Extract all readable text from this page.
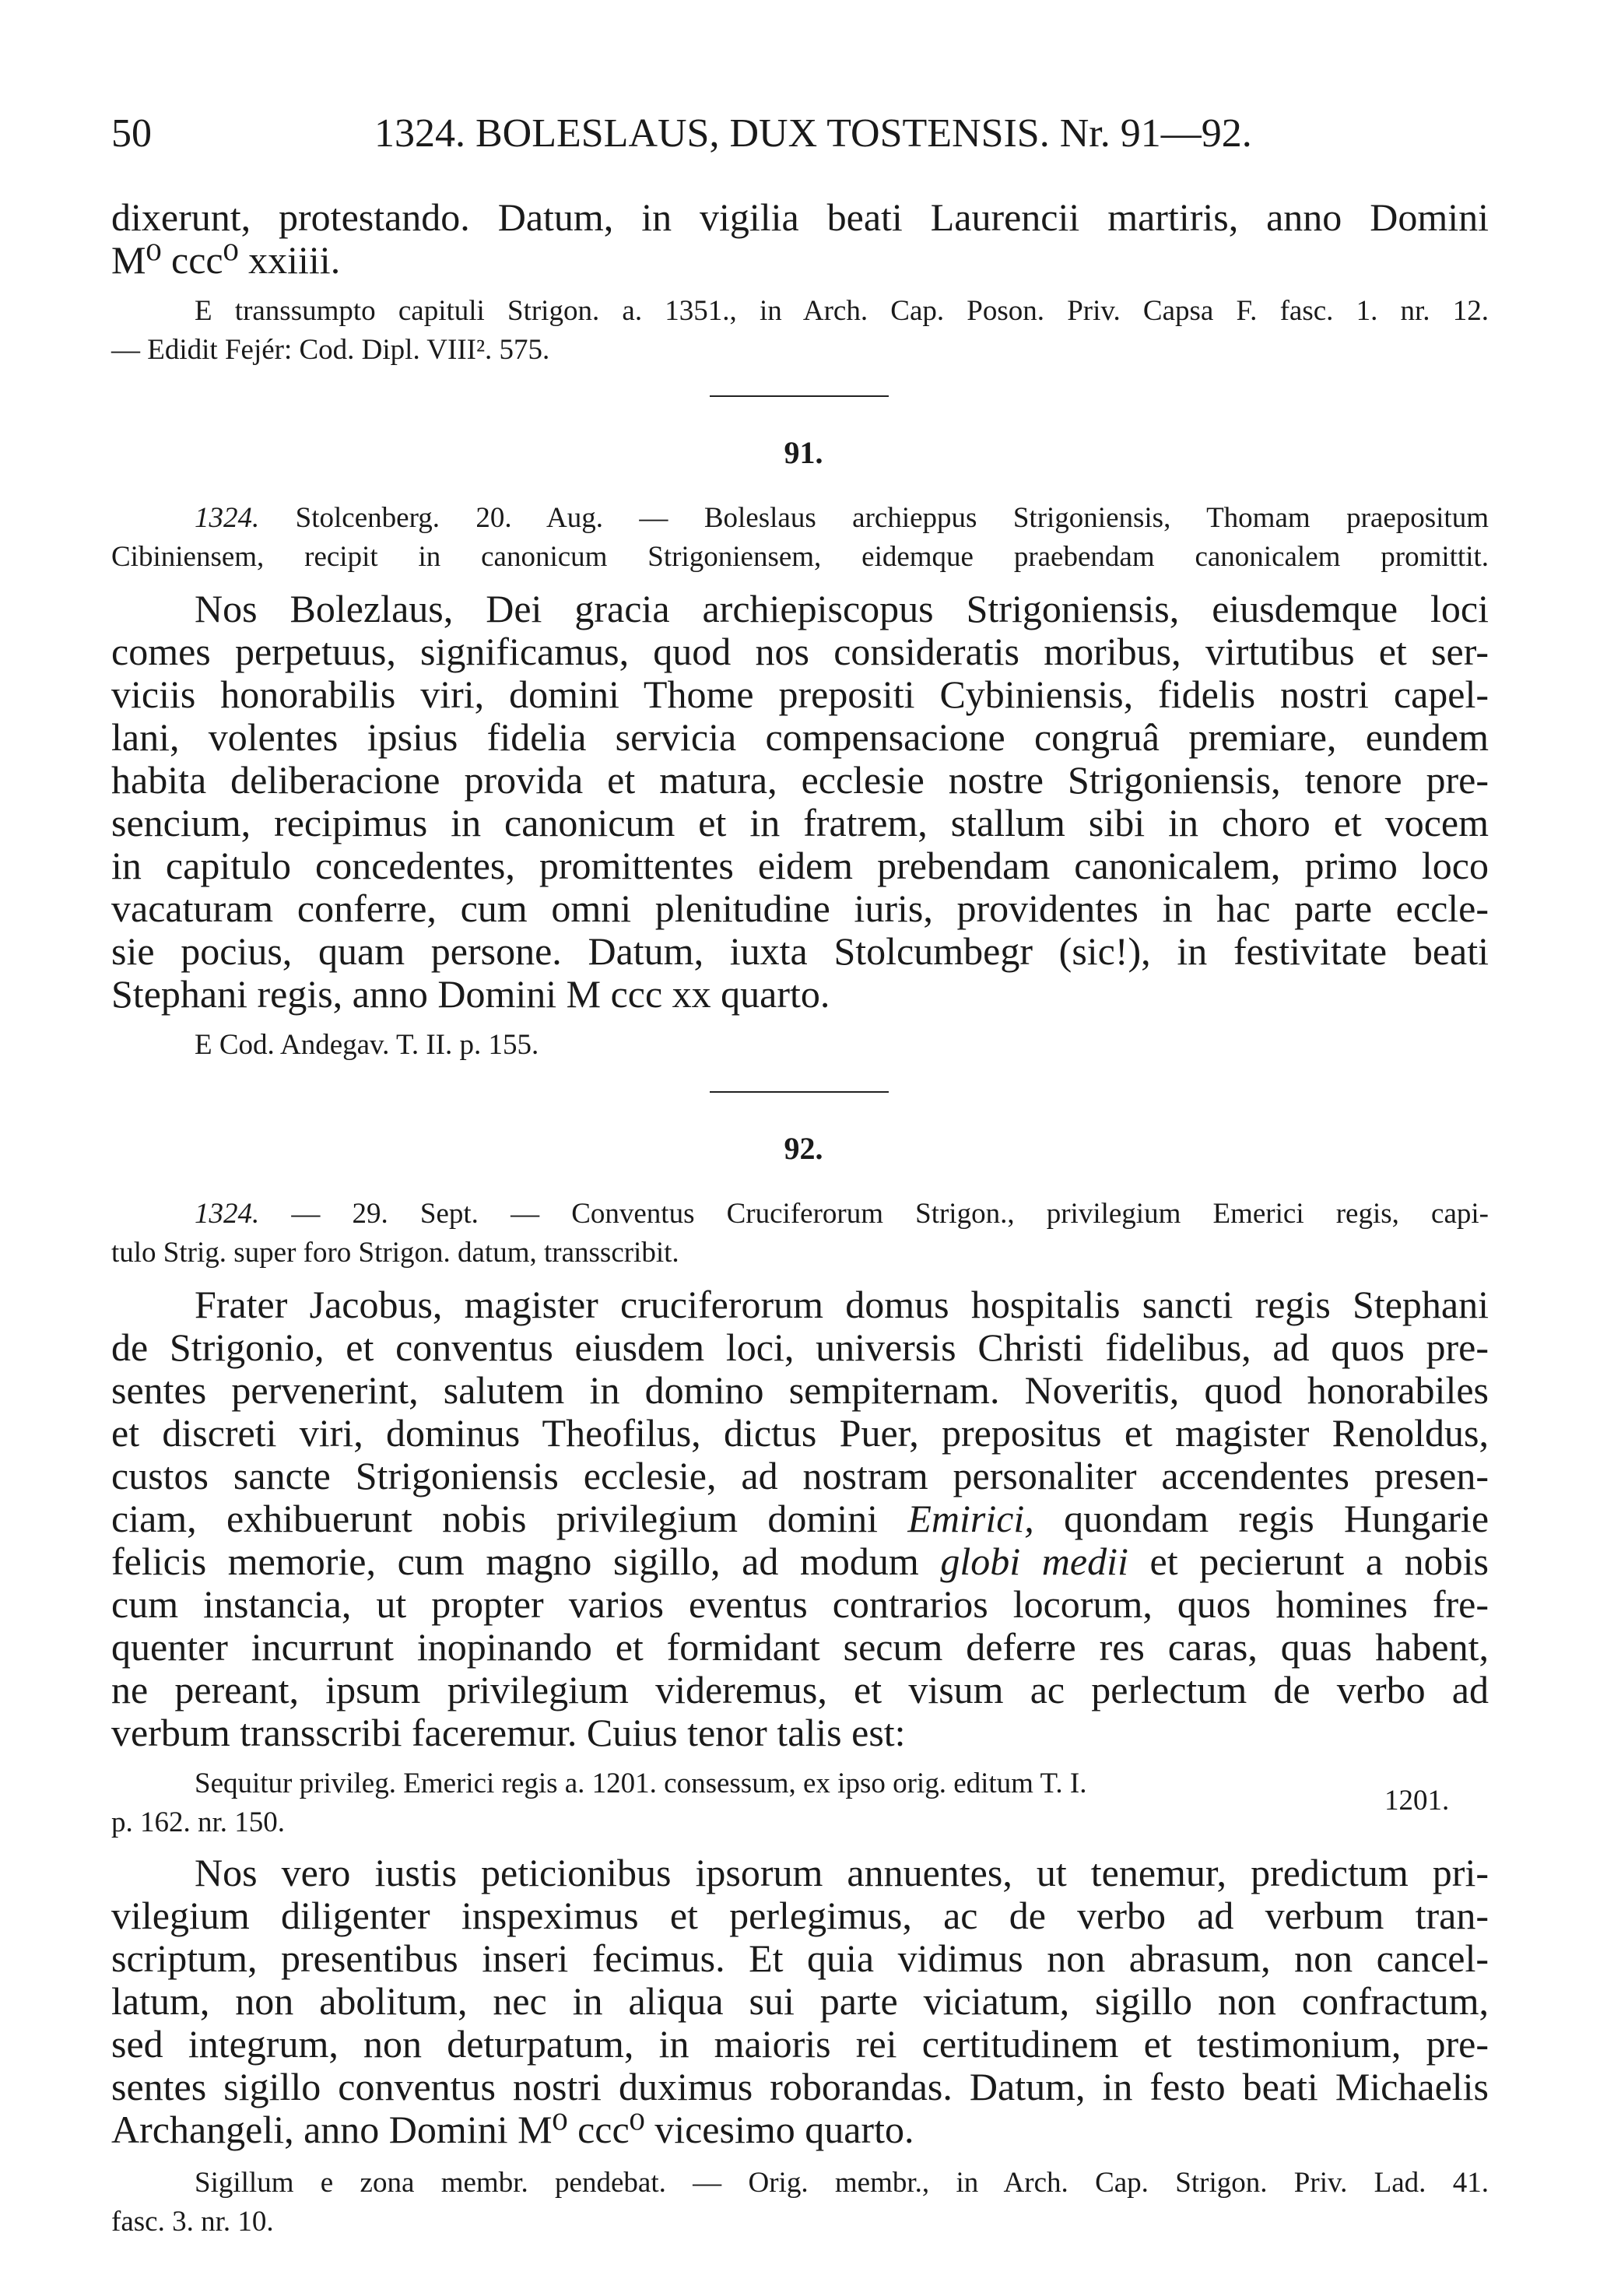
50	1324. BOLESLAUS, DUX TOSTENSIS. Nr. 91—92.
dixerunt, protestando. Datum, in vigilia beati Laurencii martiris, anno Domini
M⁰ ccc⁰ xxiiii.
E transsumpto capituli Strigon. a. 1351., in Arch. Cap. Poson. Priv. Capsa F. fasc. 1. nr. 12.
— Edidit Fejér: Cod. Dipl. VIII². 575.
91.
1324. Stolcenberg. 20. Aug. — Boleslaus archieppus Strigoniensis, Thomam praepositum
Cibiniensem, recipit in canonicum Strigoniensem, eidemque praebendam canonicalem promittit.
Nos Bolezlaus, Dei gracia archiepiscopus Strigoniensis, eiusdemque loci
comes perpetuus, significamus, quod nos consideratis moribus, virtutibus et ser-
viciis honorabilis viri, domini Thome prepositi Cybiniensis, fidelis nostri capel-
lani, volentes ipsius fidelia servicia compensacione congruâ premiare, eundem
habita deliberacione provida et matura, ecclesie nostre Strigoniensis, tenore pre-
sencium, recipimus in canonicum et in fratrem, stallum sibi in choro et vocem
in capitulo concedentes, promittentes eidem prebendam canonicalem, primo loco
vacaturam conferre, cum omni plenitudine iuris, providentes in hac parte eccle-
sie pocius, quam persone. Datum, iuxta Stolcumbegr (sic!), in festivitate beati
Stephani regis, anno Domini M ccc xx quarto.
E Cod. Andegav. T. II. p. 155.
92.
1324. — 29. Sept. — Conventus Cruciferorum Strigon., privilegium Emerici regis, capi-
tulo Strig. super foro Strigon. datum, transscribit.
Frater Jacobus, magister cruciferorum domus hospitalis sancti regis Stephani
de Strigonio, et conventus eiusdem loci, universis Christi fidelibus, ad quos pre-
sentes pervenerint, salutem in domino sempiternam. Noveritis, quod honorabiles
et discreti viri, dominus Theofilus, dictus Puer, prepositus et magister Renoldus,
custos sancte Strigoniensis ecclesie, ad nostram personaliter accendentes presen-
ciam, exhibuerunt nobis privilegium domini Emirici, quondam regis Hungarie
felicis memorie, cum magno sigillo, ad modum globi medii et pecierunt a nobis
cum instancia, ut propter varios eventus contrarios locorum, quos homines fre-
quenter incurrunt inopinando et formidant secum deferre res caras, quas habent,
ne pereant, ipsum privilegium videremus, et visum ac perlectum de verbo ad
verbum transscribi faceremur. Cuius tenor talis est:
Sequitur privileg. Emerici regis a. 1201. consessum, ex ipso orig. editum T. I.
p. 162. nr. 150.
1201.
Nos vero iustis peticionibus ipsorum annuentes, ut tenemur, predictum pri-
vilegium diligenter inspeximus et perlegimus, ac de verbo ad verbum tran-
scriptum, presentibus inseri fecimus. Et quia vidimus non abrasum, non cancel-
latum, non abolitum, nec in aliqua sui parte viciatum, sigillo non confractum,
sed integrum, non deturpatum, in maioris rei certitudinem et testimonium, pre-
sentes sigillo conventus nostri duximus roborandas. Datum, in festo beati Michaelis
Archangeli, anno Domini M⁰ ccc⁰ vicesimo quarto.
Sigillum e zona membr. pendebat. — Orig. membr., in Arch. Cap. Strigon. Priv. Lad. 41.
fasc. 3. nr. 10.
